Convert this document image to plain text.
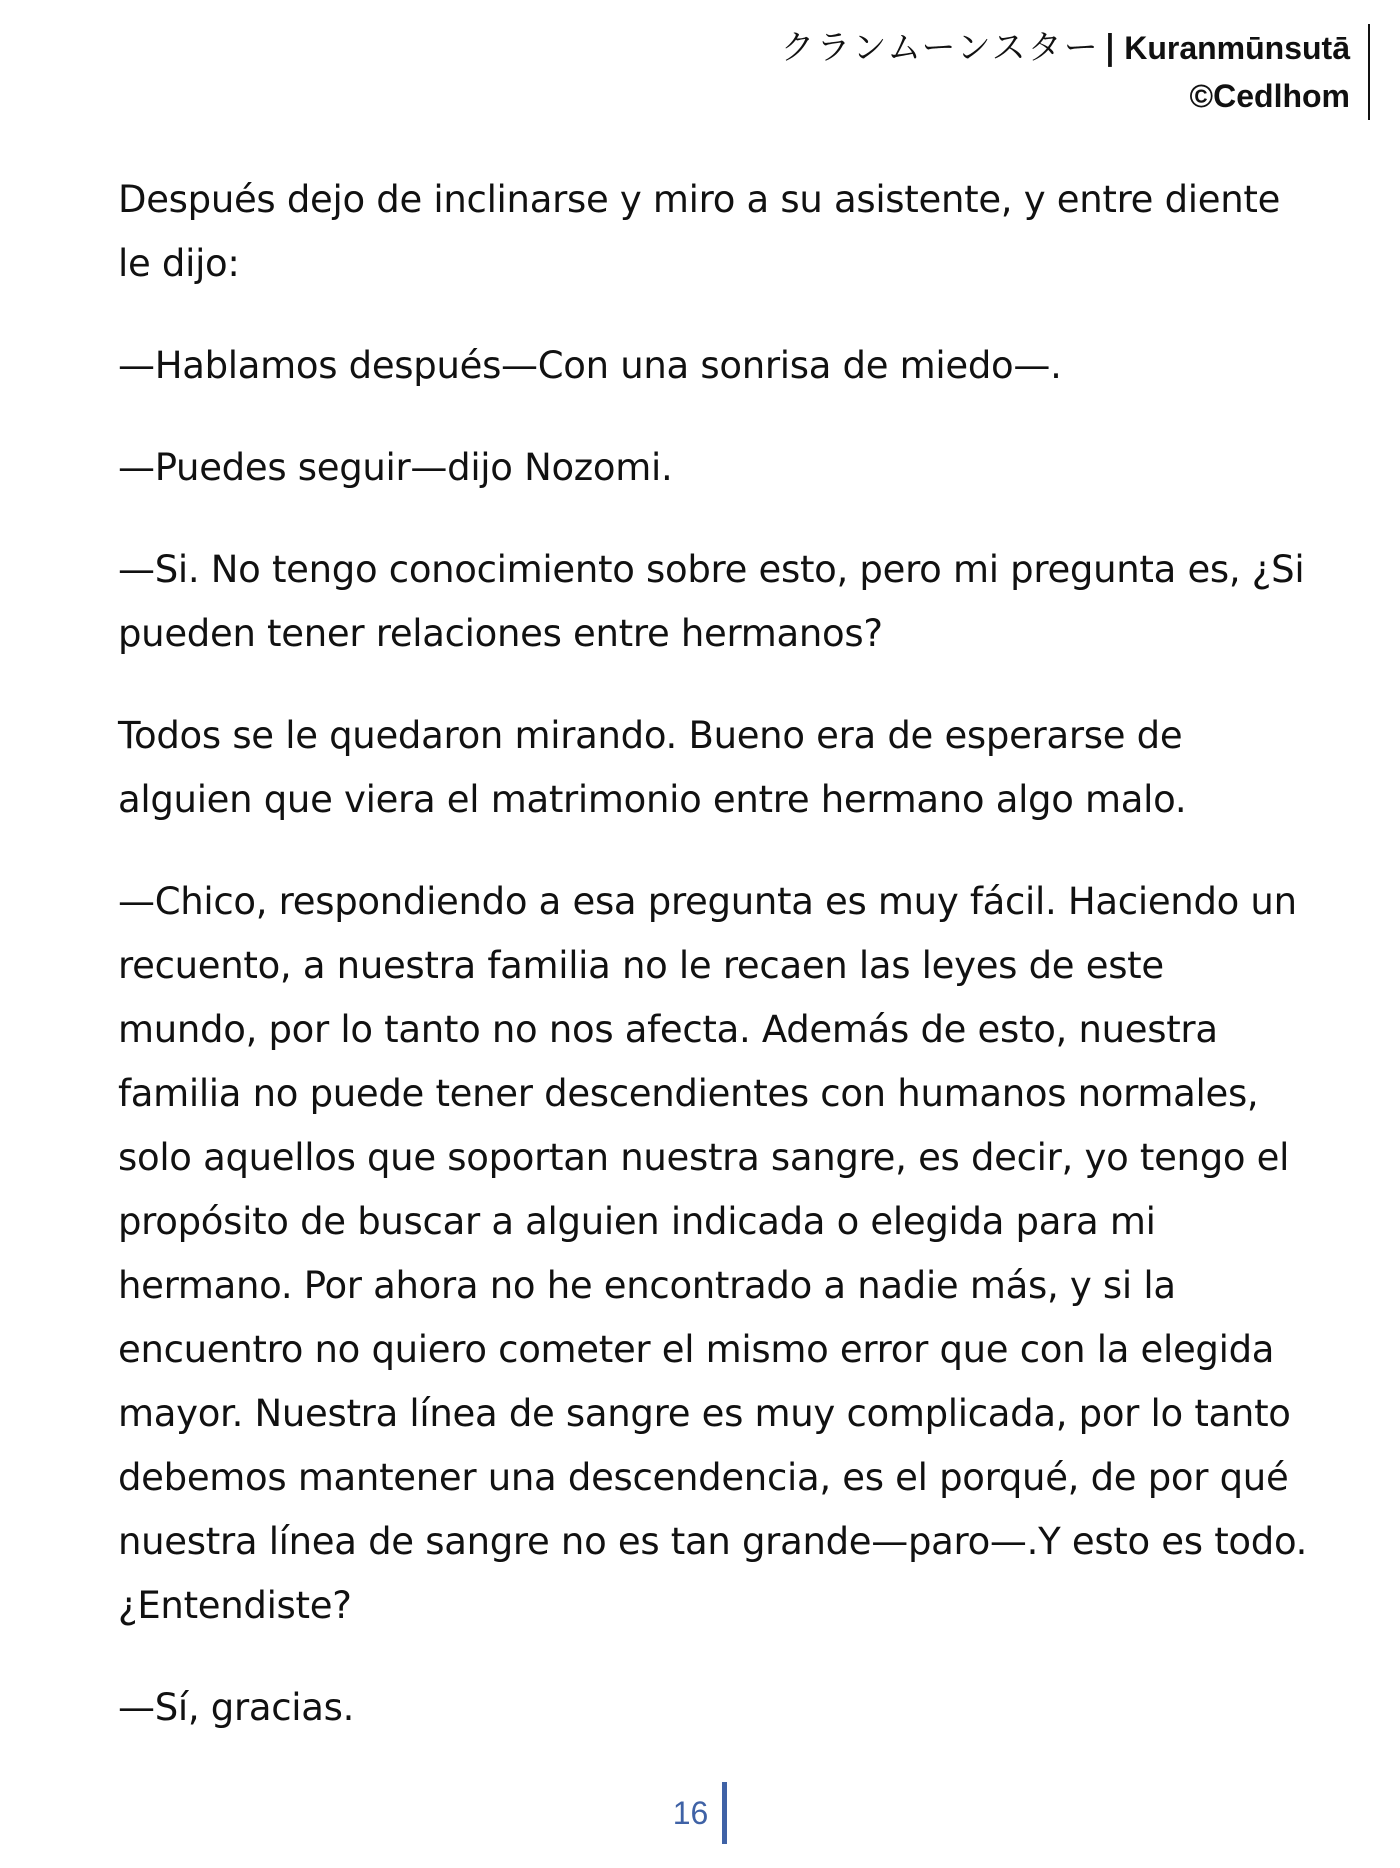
クランムーンスター | Kuranmūnsutā
©Cedlhom

Después dejo de inclinarse y miro a su asistente, y entre diente le dijo:

—Hablamos después—Con una sonrisa de miedo—.

—Puedes seguir—dijo Nozomi.

—Si. No tengo conocimiento sobre esto, pero mi pregunta es, ¿Si pueden tener relaciones entre hermanos?

Todos se le quedaron mirando. Bueno era de esperarse de alguien que viera el matrimonio entre hermano algo malo.

—Chico, respondiendo a esa pregunta es muy fácil. Haciendo un recuento, a nuestra familia no le recaen las leyes de este mundo, por lo tanto no nos afecta. Además de esto, nuestra familia no puede tener descendientes con humanos normales, solo aquellos que soportan nuestra sangre, es decir, yo tengo el propósito de buscar a alguien indicada o elegida para mi hermano. Por ahora no he encontrado a nadie más, y si la encuentro no quiero cometer el mismo error que con la elegida mayor. Nuestra línea de sangre es muy complicada, por lo tanto debemos mantener una descendencia, es el porqué, de por qué nuestra línea de sangre no es tan grande—paro—.Y esto es todo. ¿Entendiste?

—Sí, gracias.

16
